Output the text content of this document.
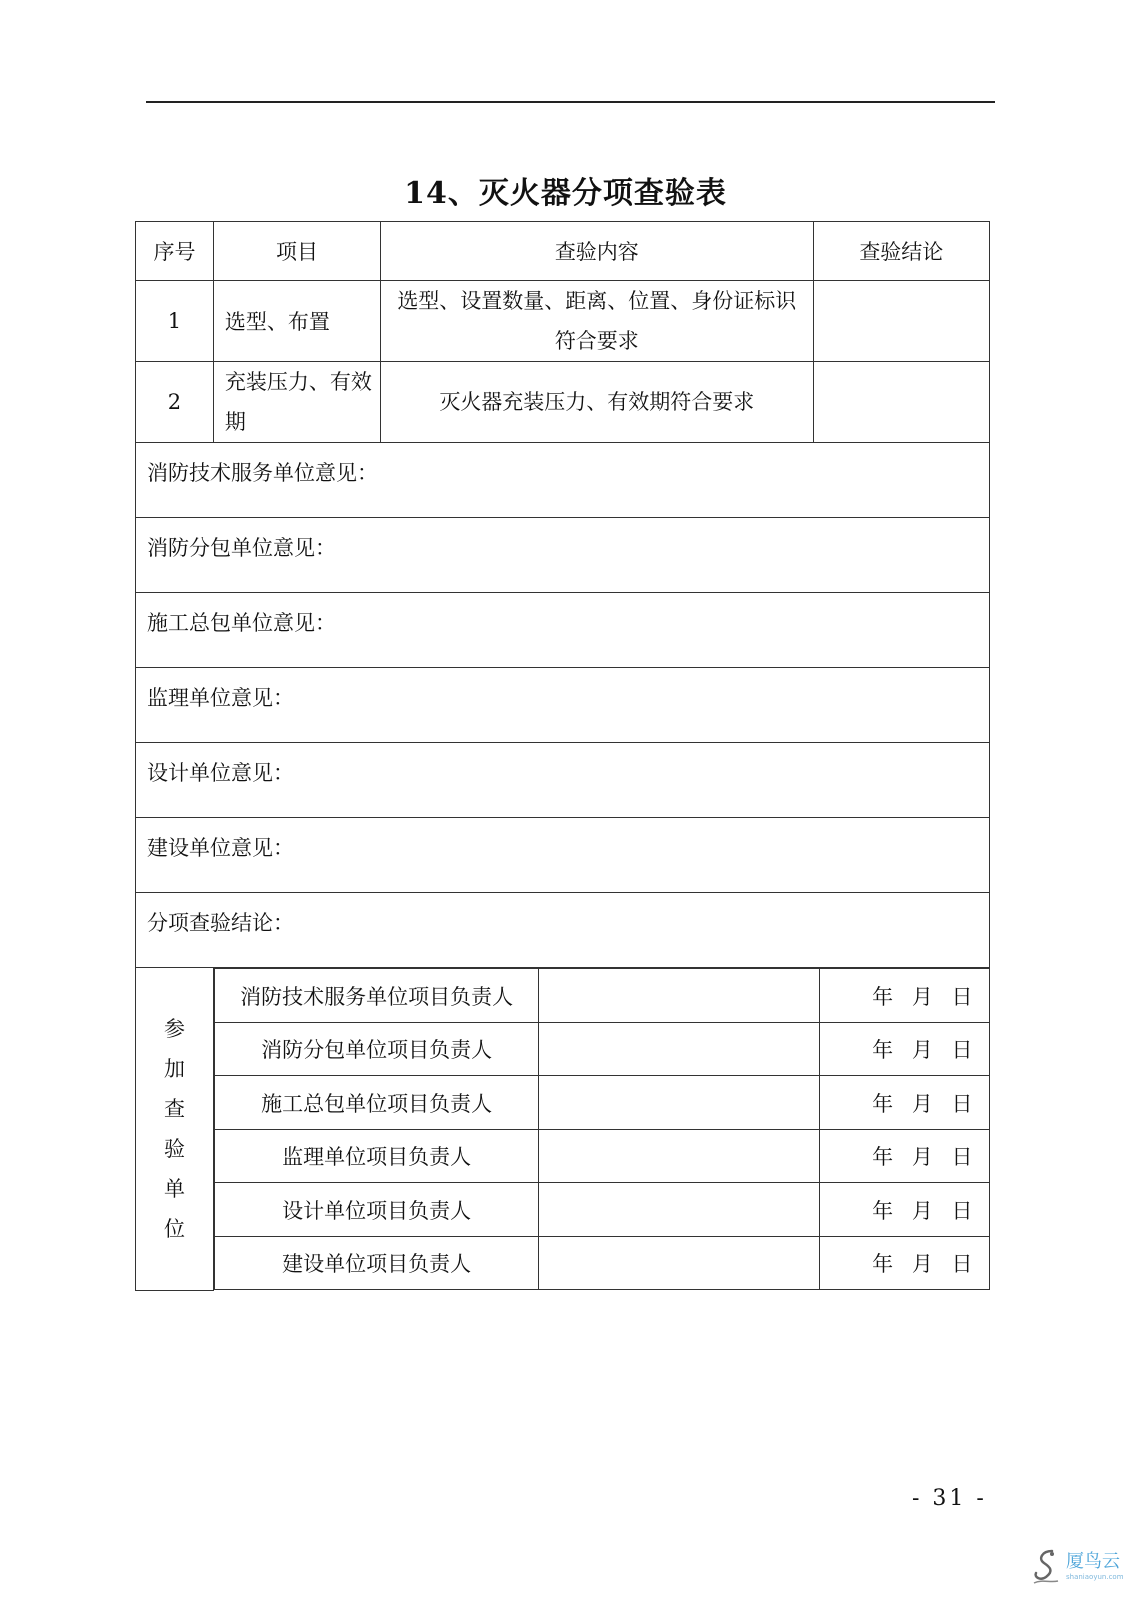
14、灭火器分项查验表
序号	项目	查验内容	查验结论
1	选型、布置	选型、设置数量、距离、位置、身份证标识符合要求	
2	充装压力、有效期	灭火器充装压力、有效期符合要求	
消防技术服务单位意见：
消防分包单位意见：
施工总包单位意见：
监理单位意见：
设计单位意见：
建设单位意见：
分项查验结论：

参
加
查
验
单
位

消防技术服务单位项目负责人		年 月 日
消防分包单位项目负责人		年 月 日
施工总包单位项目负责人		年 月 日
监理单位项目负责人		年 月 日
设计单位项目负责人		年 月 日
建设单位项目负责人		年 月 日
- 31 -
厦鸟云
shaniaoyun.com
